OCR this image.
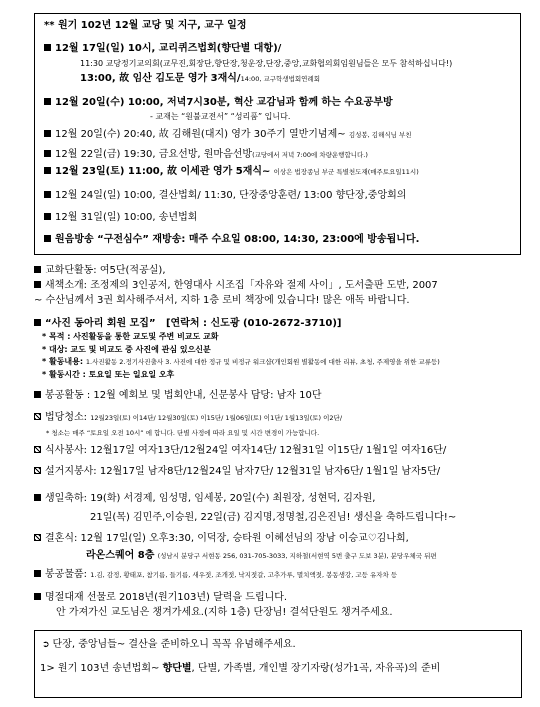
** 원기 102년 12월 교당 및 지구, 교구 일정
12월 17일(일) 10시, 교리퀴즈법회(향단별 대항)/
11:30 교당정기교의회(교무진,회장단,향단장,청운장,단장,중앙,교화협의회임원님들은 모두 참석하십니다!)
13:00, 故 임산 김도문 영가 3재식/14:00, 교구학생법회연례회
12월 20일(수) 10:00, 저녁7시30분, 혁산 교감님과 함께 하는 수요공부방
- 교재는 “원불교전서” “성리품” 입니다.
12월 20일(수) 20:40, 故 김해원(대지) 영가 30주기 열반기념제~ 김성봉, 김해식님 부친
12월 22일(금) 19:30, 금요선방, 원마음선방(교당에서 저녁 7:00에 차량운행합니다.)
12월 23일(토) 11:00, 故 이세관 영가 5재식~ 이상은 법장종님 부군 특별천도재(매주토요일11시)
12월 24일(일) 10:00, 결산법회/ 11:30, 단장중앙훈련/ 13:00 향단장,중앙회의
12월 31일(일) 10:00, 송년법회
원음방송 “구전심수” 재방송: 매주 수요일 08:00, 14:30, 23:00에 방송됩니다.
교화단활동: 여5단(적공실),
새책소개: 조정제의 3인공저, 한영대사 시조집「자유와 절제 사이」, 도서출판 도반, 2007
~ 수산님께서 3권 회사해주셔서, 지하 1층 로비 책장에 있습니다! 많은 애독 바랍니다.
“사진 동아리 회원 모집” [연락처 : 신도광 (010-2672-3710)]
* 목적 : 사진활동을 통한 교도및 주변 비교도 교화
* 대상: 교도 및 비교도 중 사진에 관심 있으신분
* 활동내용: 1.사진활동 2.정기사진출사 3. 사진에 대한 정규 및 비정규 워크샵(개인회원 별활동에 대한 리뷰, 초청, 주제영을 위한 교류등)
* 활동시간 : 토요일 또는 일요일 오후
봉공활동 : 12월 예회보 및 법회안내, 신문봉사 담당: 남자 10단
법당청소: 12월23일(토) 이14단/ 12월30일(토) 이15단/ 1월06일(토) 이1단/ 1월13일(토) 이2단/
* 청소는 매주 “토요일 오전 10시” 에 합니다. 단별 사정에 따라 요일 및 시간 변경이 가능합니다.
식사봉사: 12월17일 여자13단/12월24일 여자14단/ 12월31일 이15단/ 1월1일 여자16단/
설거지봉사: 12월17일 남자8단/12월24일 남자7단/ 12월31일 남자6단/ 1월1일 남자5단/
생일축하: 19(화) 서경제, 임성명, 임세봉, 20일(수) 최원장, 성현덕, 김자원,
21일(목) 김민주,이승원, 22일(금) 김지명,정명철,김은진님! 생신을 축하드립니다!~
결혼식: 12월 17일(일) 오후3:30, 이덕장, 승타원 이혜선님의 장남 이승교♡김나희,
라온스퀘어 8층 (성남시 분당구 서현동 256, 031-705-3033, 지하철(서현역 5번 출구 도보 3분), 분당우체국 뒤편
봉공물품: 1.김, 감정, 황태포, 참기름, 들기름, 새우젓, 조개젓, 낙지젓갈, 고추가루, 멸치액젓, 봉동생강, 고등 유자차 등
명절대재 선물로 2018년(원기103년) 달력을 드립니다.
안 가져가신 교도님은 챙겨가세요.(지하 1층) 단장님! 결석단원도 챙겨주세요.
➲ 단장, 중앙님들~ 결산을 준비하오니 꼭꼭 유념해주세요.
1> 원기 103년 송년법회~ 향단별, 단별, 가족별, 개인별 장기자랑(성가1곡, 자유곡)의 준비
